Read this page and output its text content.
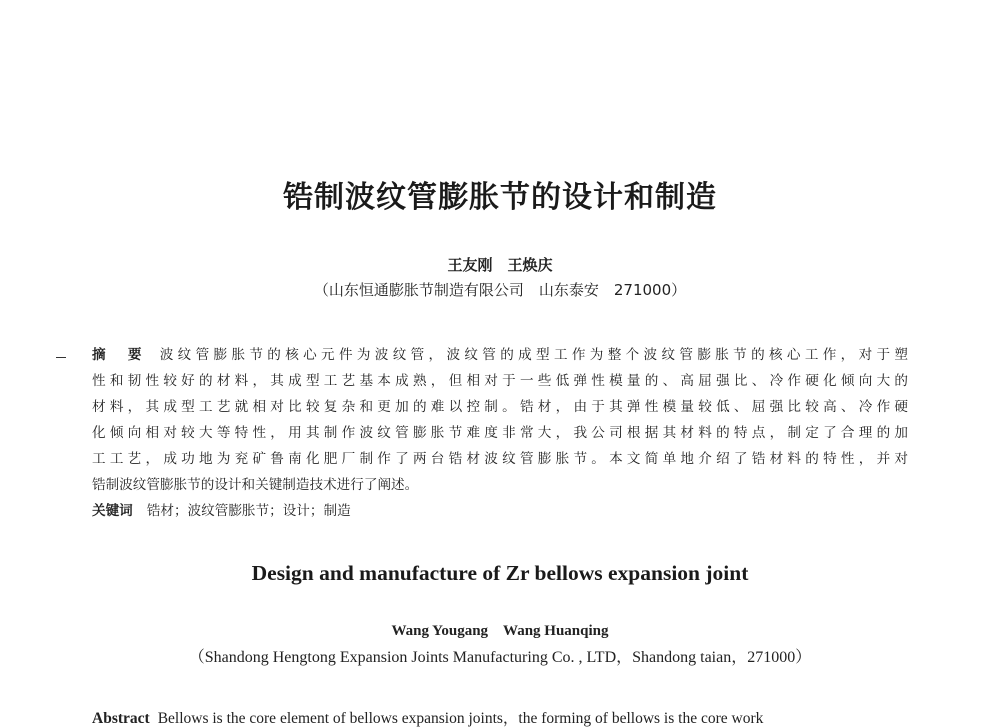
锆制波纹管膨胀节的设计和制造
王友刚　王焕庆
（山东恒通膨胀节制造有限公司　山东泰安　271000）
摘　要 波纹管膨胀节的核心元件为波纹管，波纹管的成型工作为整个波纹管膨胀节的核心工作，对于塑
性和韧性较好的材料，其成型工艺基本成熟，但相对于一些低弹性模量的、高屈强比、冷作硬化倾向大的
材料，其成型工艺就相对比较复杂和更加的难以控制。锆材，由于其弹性模量较低、屈强比较高、冷作硬
化倾向相对较大等特性，用其制作波纹管膨胀节难度非常大，我公司根据其材料的特点，制定了合理的加
工工艺，成功地为兖矿鲁南化肥厂制作了两台锆材波纹管膨胀节。本文简单地介绍了锆材料的特性，并对
锆制波纹管膨胀节的设计和关键制造技术进行了阐述。
关键词 锆材；波纹管膨胀节；设计；制造
Design and manufacture of Zr bellows expansion joint
Wang Yougang　Wang Huanqing
（Shandong Hengtong Expansion Joints Manufacturing Co. , LTD，Shandong taian，271000）
Abstract Bellows is the core element of bellows expansion joints，the forming of bellows is the core work
